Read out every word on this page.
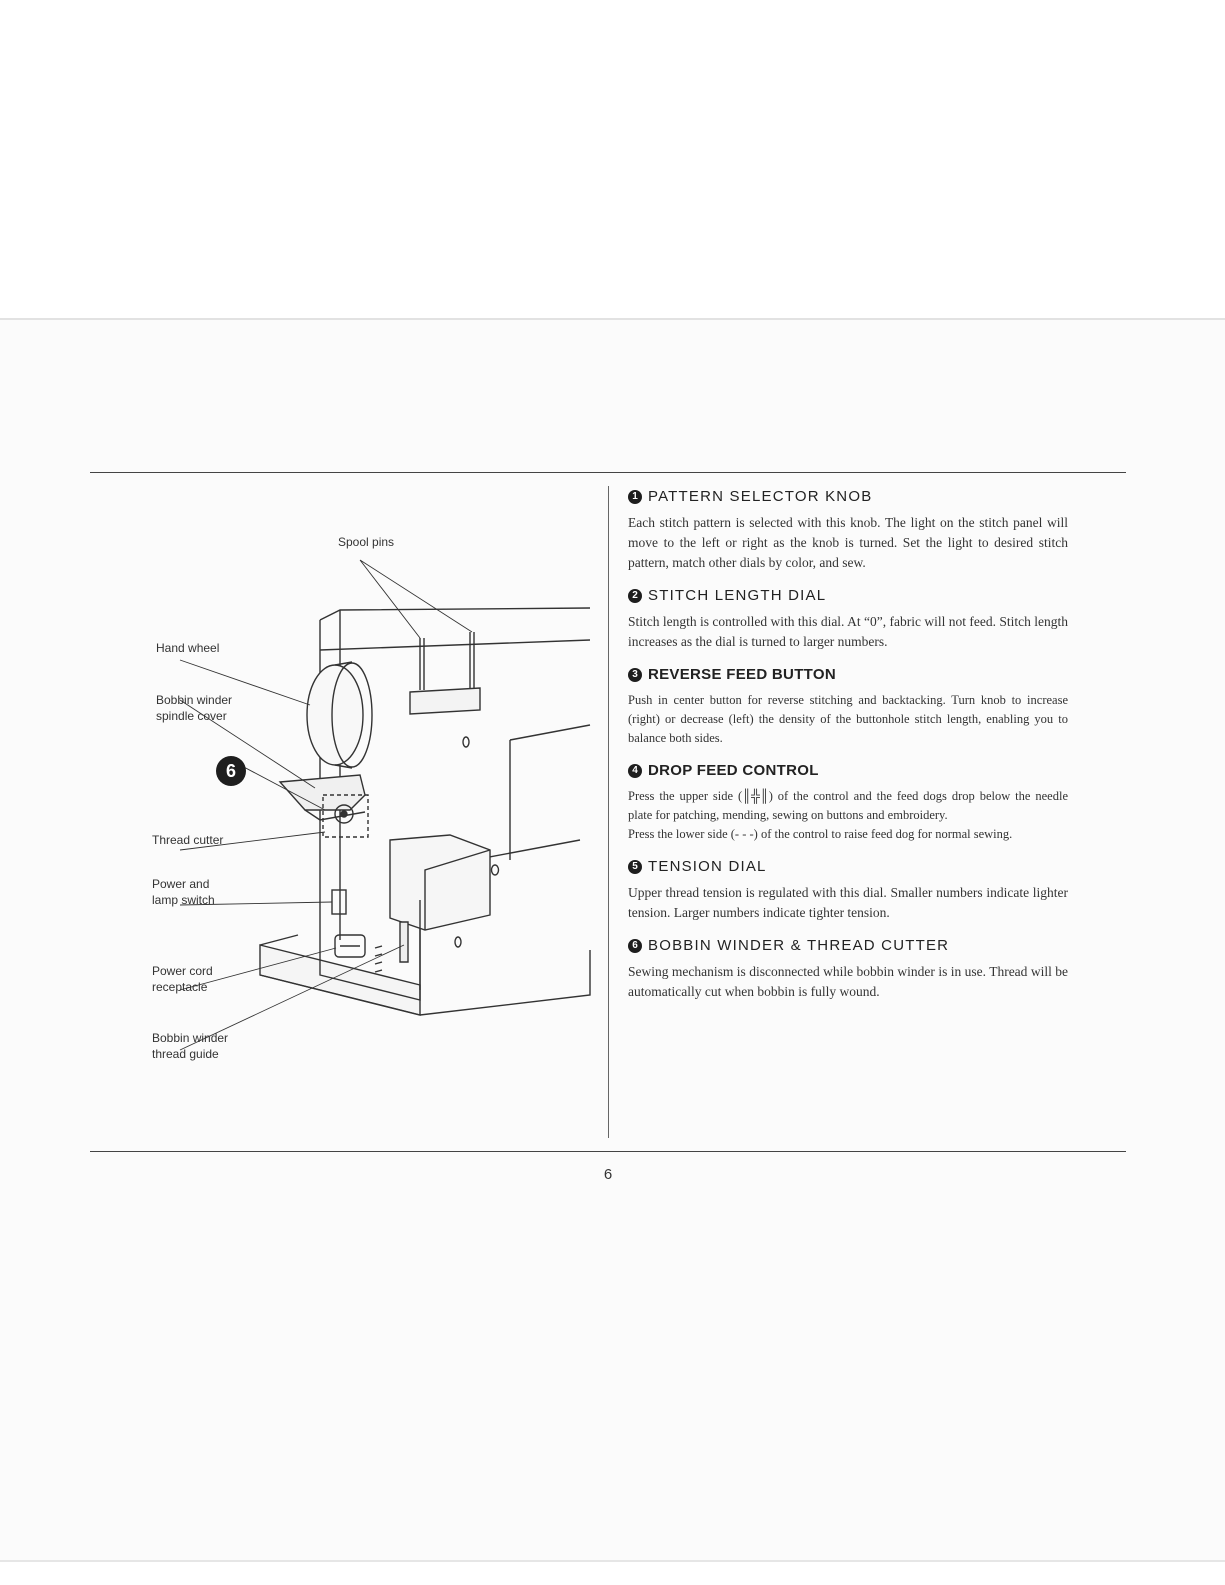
Spool pins
Hand wheel
Bobbin winder
spindle cover
6
Thread cutter
Power and
lamp switch
Power cord
receptacle
Bobbin winder
thread guide
1 PATTERN SELECTOR KNOB
Each stitch pattern is selected with this knob. The light on the stitch panel will move to the left or right as the knob is turned. Set the light to desired stitch pattern, match other dials by color, and sew.
2 STITCH LENGTH DIAL
Stitch length is controlled with this dial. At “0”, fabric will not feed. Stitch length increases as the dial is turned to larger numbers.
3 REVERSE FEED BUTTON
Push in center button for reverse stitching and backtacking. Turn knob to increase (right) or decrease (left) the density of the buttonhole stitch length, enabling you to balance both sides.
4 DROP FEED CONTROL
Press the upper side (║╬║) of the control and the feed dogs drop below the needle plate for patching, mending, sewing on buttons and embroidery.
Press the lower side (- - -) of the control to raise feed dog for normal sewing.
5 TENSION DIAL
Upper thread tension is regulated with this dial. Smaller numbers indicate lighter tension. Larger numbers indicate tighter tension.
6 BOBBIN WINDER & THREAD CUTTER
Sewing mechanism is disconnected while bobbin winder is in use. Thread will be automatically cut when bobbin is fully wound.
6
